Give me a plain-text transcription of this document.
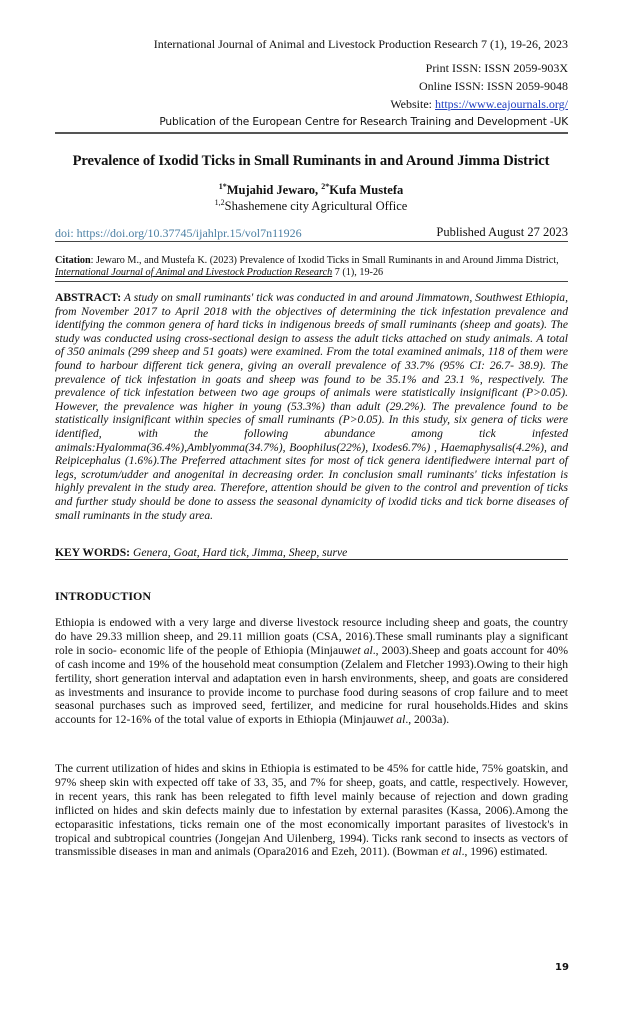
International Journal of Animal and Livestock Production Research 7 (1), 19-26, 2023
Print ISSN: ISSN 2059-903X
Online ISSN: ISSN 2059-9048
Website: https://www.eajournals.org/
Publication of the European Centre for Research Training and Development -UK
Prevalence of Ixodid Ticks in Small Ruminants in and Around Jimma District
$^{1*}$Mujahid Jewaro, $^{2*}$Kufa Mustefa
$^{1,2}$Shashemene city Agricultural Office
doi: https://doi.org/10.37745/ijahlpr.15/vol7n11926	Published August 27 2023
Citation: Jewaro M., and Mustefa K. (2023) Prevalence of Ixodid Ticks in Small Ruminants in and Around Jimma District,
International Journal of Animal and Livestock Production Research 7 (1), 19-26
ABSTRACT: A study on small ruminants' tick was conducted in and around Jimmatown, Southwest Ethiopia, from November 2017 to April 2018 with the objectives of determining the tick infestation prevalence and identifying the common genera of hard ticks in indigenous breeds of small ruminants (sheep and goats). The study was conducted using cross-sectional design to assess the adult ticks attached on study animals. A total of 350 animals (299 sheep and 51 goats) were examined. From the total examined animals, 118 of them were found to harbour different tick genera, giving an overall prevalence of 33.7% (95% CI: 26.7- 38.9). The prevalence of tick infestation in goats and sheep was found to be 35.1% and 23.1 %, respectively. The prevalence of tick infestation between two age groups of animals were statistically insignificant (P>0.05). However, the prevalence was higher in young (53.3%) than adult (29.2%). The prevalence found to be statistically insignificant within species of small ruminants (P>0.05). In this study, six genera of ticks were identified, with the following abundance among tick infested animals:Hyalomma(36.4%),Amblyomma(34.7%), Boophilus(22%), Ixodes6.7%) , Haemaphysalis(4.2%), and Reipicephalus (1.6%).The Preferred attachment sites for most of tick genera identifiedwere internal part of legs, scrotum/udder and anogenital in decreasing order. In conclusion small ruminants' ticks infestation is highly prevalent in the study area. Therefore, attention should be given to the control and prevention of ticks and further study should be done to assess the seasonal dynamicity of ixodid ticks and tick borne diseases of small ruminants in the study area.
KEY WORDS: Genera, Goat, Hard tick, Jimma, Sheep, surve
INTRODUCTION
Ethiopia is endowed with a very large and diverse livestock resource including sheep and goats, the country do have 29.33 million sheep, and 29.11 million goats (CSA, 2016).These small ruminants play a significant role in socio- economic life of the people of Ethiopia (Minjauwet al., 2003).Sheep and goats account for 40% of cash income and 19% of the household meat consumption (Zelalem and Fletcher 1993).Owing to their high fertility, short generation interval and adaptation even in harsh environments, sheep, and goats are considered as investments and insurance to provide income to purchase food during seasons of crop failure and to meet seasonal purchases such as improved seed, fertilizer, and medicine for rural households.Hides and skins accounts for 12-16% of the total value of exports in Ethiopia (Minjauwet al., 2003a).
The current utilization of hides and skins in Ethiopia is estimated to be 45% for cattle hide, 75% goatskin, and 97% sheep skin with expected off take of 33, 35, and 7% for sheep, goats, and cattle, respectively. However, in recent years, this rank has been relegated to fifth level mainly because of rejection and down grading inflicted on hides and skin defects mainly due to infestation by external parasites (Kassa, 2006).Among the ectoparasitic infestations, ticks remain one of the most economically important parasites of livestock's in tropical and subtropical countries (Jongejan And Uilenberg, 1994). Ticks rank second to insects as vectors of transmissible diseases in man and animals (Opara2016 and Ezeh, 2011). (Bowman et al., 1996) estimated.
19
